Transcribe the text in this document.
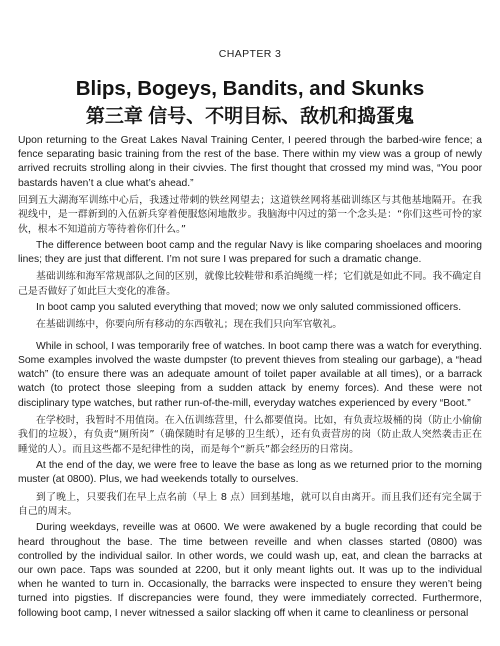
CHAPTER 3
Blips, Bogeys, Bandits, and Skunks
第三章 信号、不明目标、敌机和捣蛋鬼

Upon returning to the Great Lakes Naval Training Center, I peered through the barbed-wire fence; a fence separating basic training from the rest of the base. There within my view was a group of newly arrived recruits strolling along in their civvies. The first thought that crossed my mind was, “You poor bastards haven’t a clue what’s ahead.”

回到五大湖海军训练中心后，我透过带刺的铁丝网望去；这道铁丝网将基础训练区与其他基地隔开。在我视线中，是一群新到的入伍新兵穿着便服悠闲地散步。我脑海中闪过的第一个念头是：“你们这些可怜的家伙，根本不知道前方等待着你们什么。”

The difference between boot camp and the regular Navy is like comparing shoelaces and mooring lines; they are just that different. I’m not sure I was prepared for such a dramatic change.

基础训练和海军常规部队之间的区别，就像比较鞋带和系泊绳缆一样；它们就是如此不同。我不确定自己是否做好了如此巨大变化的准备。

In boot camp you saluted everything that moved; now we only saluted commissioned officers.

在基础训练中，你要向所有移动的东西敬礼；现在我们只向军官敬礼。

While in school, I was temporarily free of watches. In boot camp there was a watch for everything. Some examples involved the waste dumpster (to prevent thieves from stealing our garbage), a “head watch” (to ensure there was an adequate amount of toilet paper available at all times), or a barrack watch (to protect those sleeping from a sudden attack by enemy forces). And these were not disciplinary type watches, but rather run-of-the-mill, everyday watches experienced by every “Boot.”

在学校时，我暂时不用值岗。在入伍训练营里，什么都要值岗。比如，有负责垃圾桶的岗（防止小偷偷我们的垃圾），有负责“厕所岗”（确保随时有足够的卫生纸），还有负责营房的岗（防止敌人突然袭击正在睡觉的人）。而且这些都不是纪律性的岗，而是每个“新兵”都会经历的日常岗。

At the end of the day, we were free to leave the base as long as we returned prior to the morning muster (at 0800). Plus, we had weekends totally to ourselves.

到了晚上，只要我们在早上点名前（早上 8 点）回到基地，就可以自由离开。而且我们还有完全属于自己的周末。

During weekdays, reveille was at 0600. We were awakened by a bugle recording that could be heard throughout the base. The time between reveille and when classes started (0800) was controlled by the individual sailor. In other words, we could wash up, eat, and clean the barracks at our own pace. Taps was sounded at 2200, but it only meant lights out. It was up to the individual when he wanted to turn in. Occasionally, the barracks were inspected to ensure they weren’t being turned into pigsties. If discrepancies were found, they were immediately corrected. Furthermore, following boot camp, I never witnessed a sailor slacking off when it came to cleanliness or personal
